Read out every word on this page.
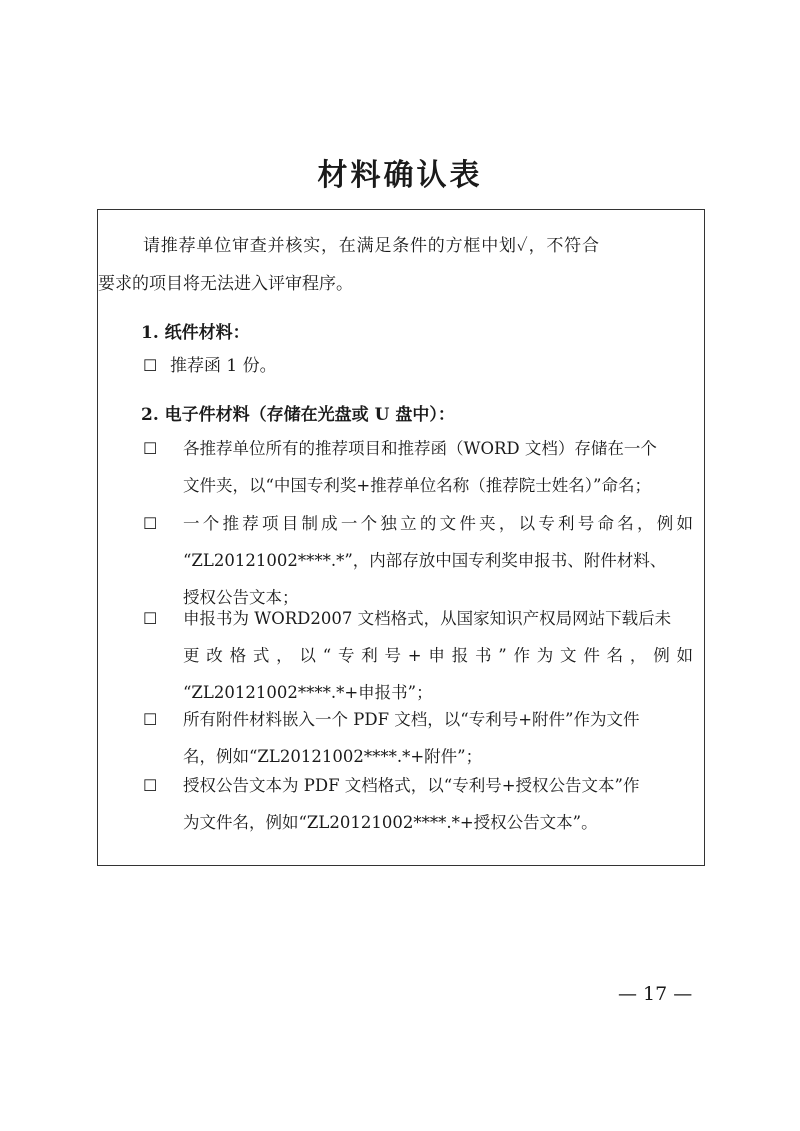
材料确认表
请推荐单位审查并核实，在满足条件的方框中划✓，不符合
要求的项目将无法进入评审程序。
1. 纸件材料：
☐ 推荐函 1 份。
2. 电子件材料（存储在光盘或 U 盘中）：
☐ 各推荐单位所有的推荐项目和推荐函（WORD 文档）存储在一个
文件夹，以“中国专利奖+推荐单位名称（推荐院士姓名）”命名；
☐ 一个推荐项目制成一个独立的文件夹，以专利号命名，例如
“ZL20121002****.*”，内部存放中国专利奖申报书、附件材料、
授权公告文本；
☐ 申报书为 WORD2007 文档格式，从国家知识产权局网站下载后未
更改格式，以“专利号+申报书”作为文件名，例如
“ZL20121002****.*+申报书”；
☐ 所有附件材料嵌入一个 PDF 文档，以“专利号+附件”作为文件
名，例如“ZL20121002****.*+附件”；
☐ 授权公告文本为 PDF 文档格式，以“专利号+授权公告文本”作
为文件名，例如“ZL20121002****.*+授权公告文本”。
— 17 —
